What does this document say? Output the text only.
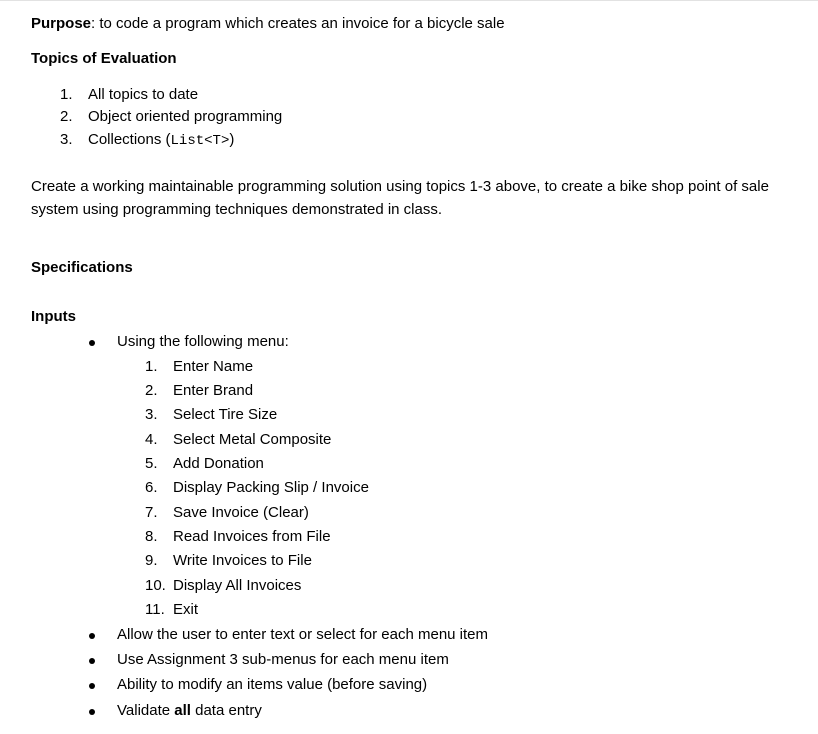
Purpose: to code a program which creates an invoice for a bicycle sale
Topics of Evaluation
1. All topics to date
2. Object oriented programming
3. Collections (List<T>)
Create a working maintainable programming solution using topics 1-3 above, to create a bike shop point of sale
system using programming techniques demonstrated in class.
Specifications
Inputs
Using the following menu:
1. Enter Name
2. Enter Brand
3. Select Tire Size
4. Select Metal Composite
5. Add Donation
6. Display Packing Slip / Invoice
7. Save Invoice (Clear)
8. Read Invoices from File
9. Write Invoices to File
10. Display All Invoices
11. Exit
Allow the user to enter text or select for each menu item
Use Assignment 3 sub-menus for each menu item
Ability to modify an items value (before saving)
Validate all data entry
